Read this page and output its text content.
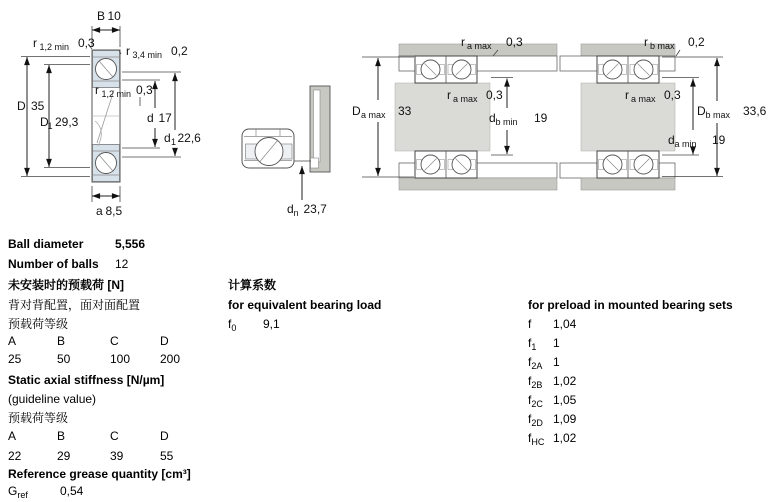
B 10
r 1,2 min 0,3
r 3,4 min 0,2
D 35
D
1 29,3
r 1,2 min 0,3
d 17
d 1 22,6
a 8,5	d n 23,7
r a max 0,3
D a max 33
r a max 0,3
d b min 19
r b max 0,2
r a max 0,3
D b max 33,6
d a min 19
Ball diameter	5,556
Number of balls 12
未安装时的预载荷 [N]
背对背配置，面对面配置
预载荷等级
A	B	C	D
25	50	100 200
Static axial stiffness [N/µm]
(guideline value)
预载荷等级
A	B	C	D
22	29	39	55
Reference grease quantity [cm³]
$G_{ref}$	0,54
计算系数
for equivalent bearing load
$f_0$ 9,1
for preload in mounted bearing sets
f 1,04
$f_1$ 1
$f_{2A}$ 1
$f_{2B}$ 1,02
$f_{2C}$ 1,05
$f_{2D}$ 1,09
$f_{HC}$ 1,02
